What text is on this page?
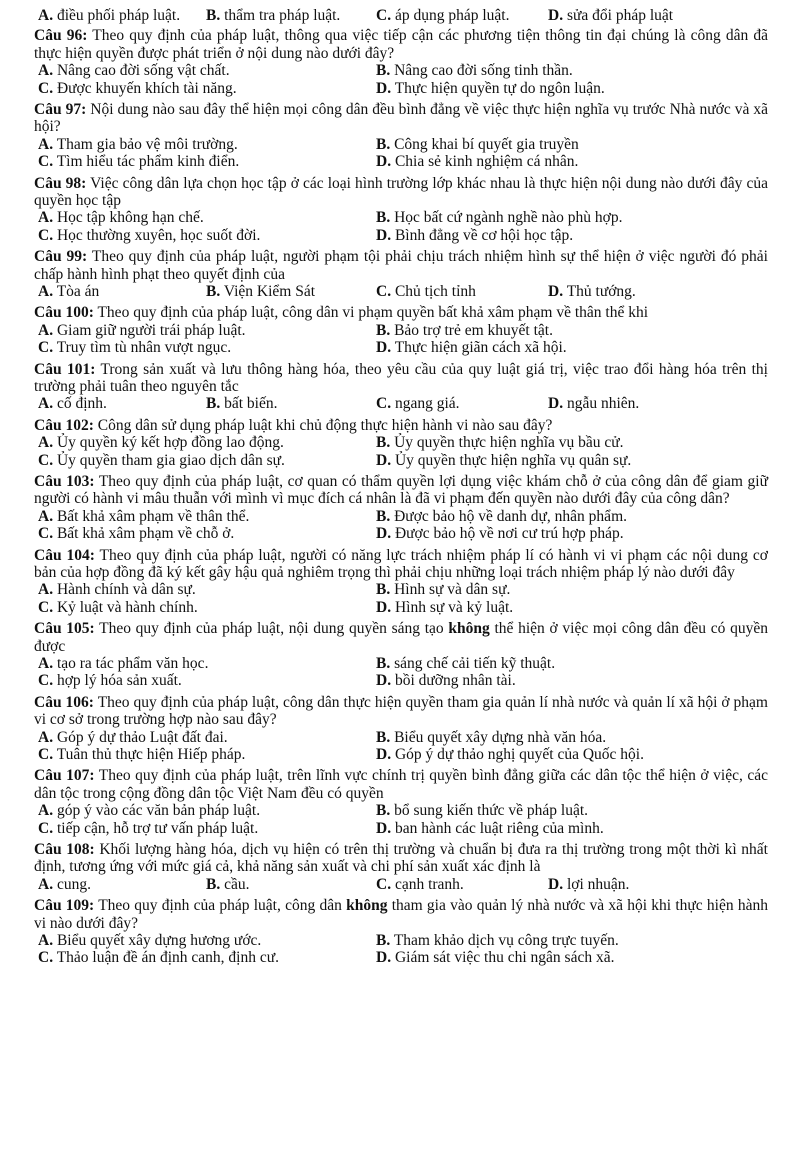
A. điều phối pháp luật. B. thẩm tra pháp luật. C. áp dụng pháp luật. D. sửa đổi pháp luật

Câu 96: Theo quy định của pháp luật, thông qua việc tiếp cận các phương tiện thông tin đại chúng là công dân đã thực hiện quyền được phát triển ở nội dung nào dưới đây?

A. Nâng cao đời sống vật chất.	B. Nâng cao đời sống tinh thần.
C. Được khuyến khích tài năng.	D. Thực hiện quyền tự do ngôn luận.

Câu 97: Nội dung nào sau đây thể hiện mọi công dân đều bình đẳng về việc thực hiện nghĩa vụ trước Nhà nước và xã hội?

A. Tham gia bảo vệ môi trường.	B. Công khai bí quyết gia truyền
C. Tìm hiểu tác phẩm kinh điển.	D. Chia sẻ kinh nghiệm cá nhân.

Câu 98: Việc công dân lựa chọn học tập ở các loại hình trường lớp khác nhau là thực hiện nội dung nào dưới đây của quyền học tập

A. Học tập không hạn chế.	B. Học bất cứ ngành nghề nào phù hợp.
C. Học thường xuyên, học suốt đời.	D. Bình đẳng về cơ hội học tập.

Câu 99: Theo quy định của pháp luật, người phạm tội phải chịu trách nhiệm hình sự thể hiện ở việc người đó phải chấp hành hình phạt theo quyết định của

A. Tòa án	B. Viện Kiểm Sát	C. Chủ tịch tỉnh	D. Thủ tướng.

Câu 100: Theo quy định của pháp luật, công dân vi phạm quyền bất khả xâm phạm về thân thể khi

A. Giam giữ người trái pháp luật.	B. Bảo trợ trẻ em khuyết tật.
C. Truy tìm tù nhân vượt ngục.	D. Thực hiện giãn cách xã hội.

Câu 101: Trong sản xuất và lưu thông hàng hóa, theo yêu cầu của quy luật giá trị, việc trao đổi hàng hóa trên thị trường phải tuân theo nguyên tắc

A. cố định.	B. bất biến.	C. ngang giá.	D. ngẫu nhiên.

Câu 102: Công dân sử dụng pháp luật khi chủ động thực hiện hành vi nào sau đây?

A. Ủy quyền ký kết hợp đồng lao động.	B. Ủy quyền thực hiện nghĩa vụ bầu cử.
C. Ủy quyền tham gia giao dịch dân sự.	D. Ủy quyền thực hiện nghĩa vụ quân sự.

Câu 103: Theo quy định của pháp luật, cơ quan có thẩm quyền lợi dụng việc khám chỗ ở của công dân để giam giữ người có hành vi mâu thuẫn với mình vì mục đích cá nhân là đã vi phạm đến quyền nào dưới đây của công dân?

A. Bất khả xâm phạm về thân thể.	B. Được bảo hộ về danh dự, nhân phẩm.
C. Bất khả xâm phạm về chỗ ở.	D. Được bảo hộ về nơi cư trú hợp pháp.

Câu 104: Theo quy định của pháp luật, người có năng lực trách nhiệm pháp lí có hành vi vi phạm các nội dung cơ bản của hợp đồng đã ký kết gây hậu quả nghiêm trọng thì phải chịu những loại trách nhiệm pháp lý nào dưới đây

A. Hành chính và dân sự.	B. Hình sự và dân sự.
C. Kỷ luật và hành chính.	D. Hình sự và kỷ luật.

Câu 105: Theo quy định của pháp luật, nội dung quyền sáng tạo không thể hiện ở việc mọi công dân đều có quyền được

A. tạo ra tác phẩm văn học.	B. sáng chế cải tiến kỹ thuật.
C. hợp lý hóa sản xuất.	D. bồi dưỡng nhân tài.

Câu 106: Theo quy định của pháp luật, công dân thực hiện quyền tham gia quản lí nhà nước và quản lí xã hội ở phạm vi cơ sở trong trường hợp nào sau đây?

A. Góp ý dự thảo Luật đất đai.	B. Biểu quyết xây dựng nhà văn hóa.
C. Tuân thủ thực hiện Hiếp pháp.	D. Góp ý dự thảo nghị quyết của Quốc hội.

Câu 107: Theo quy định của pháp luật, trên lĩnh vực chính trị quyền bình đẳng giữa các dân tộc thể hiện ở việc, các dân tộc trong cộng đồng dân tộc Việt Nam đều có quyền

A. góp ý vào các văn bản pháp luật.	B. bổ sung kiến thức về pháp luật.
C. tiếp cận, hỗ trợ tư vấn pháp luật.	D. ban hành các luật riêng của mình.

Câu 108: Khối lượng hàng hóa, dịch vụ hiện có trên thị trường và chuẩn bị đưa ra thị trường trong một thời kì nhất định, tương ứng với mức giá cả, khả năng sản xuất và chi phí sản xuất xác định là

A. cung.	B. cầu.	C. cạnh tranh.	D. lợi nhuận.

Câu 109: Theo quy định của pháp luật, công dân không tham gia vào quản lý nhà nước và xã hội khi thực hiện hành vi nào dưới đây?

A. Biểu quyết xây dựng hương ước.	B. Tham khảo dịch vụ công trực tuyến.
C. Thảo luận đề án định canh, định cư.	D. Giám sát việc thu chi ngân sách xã.
